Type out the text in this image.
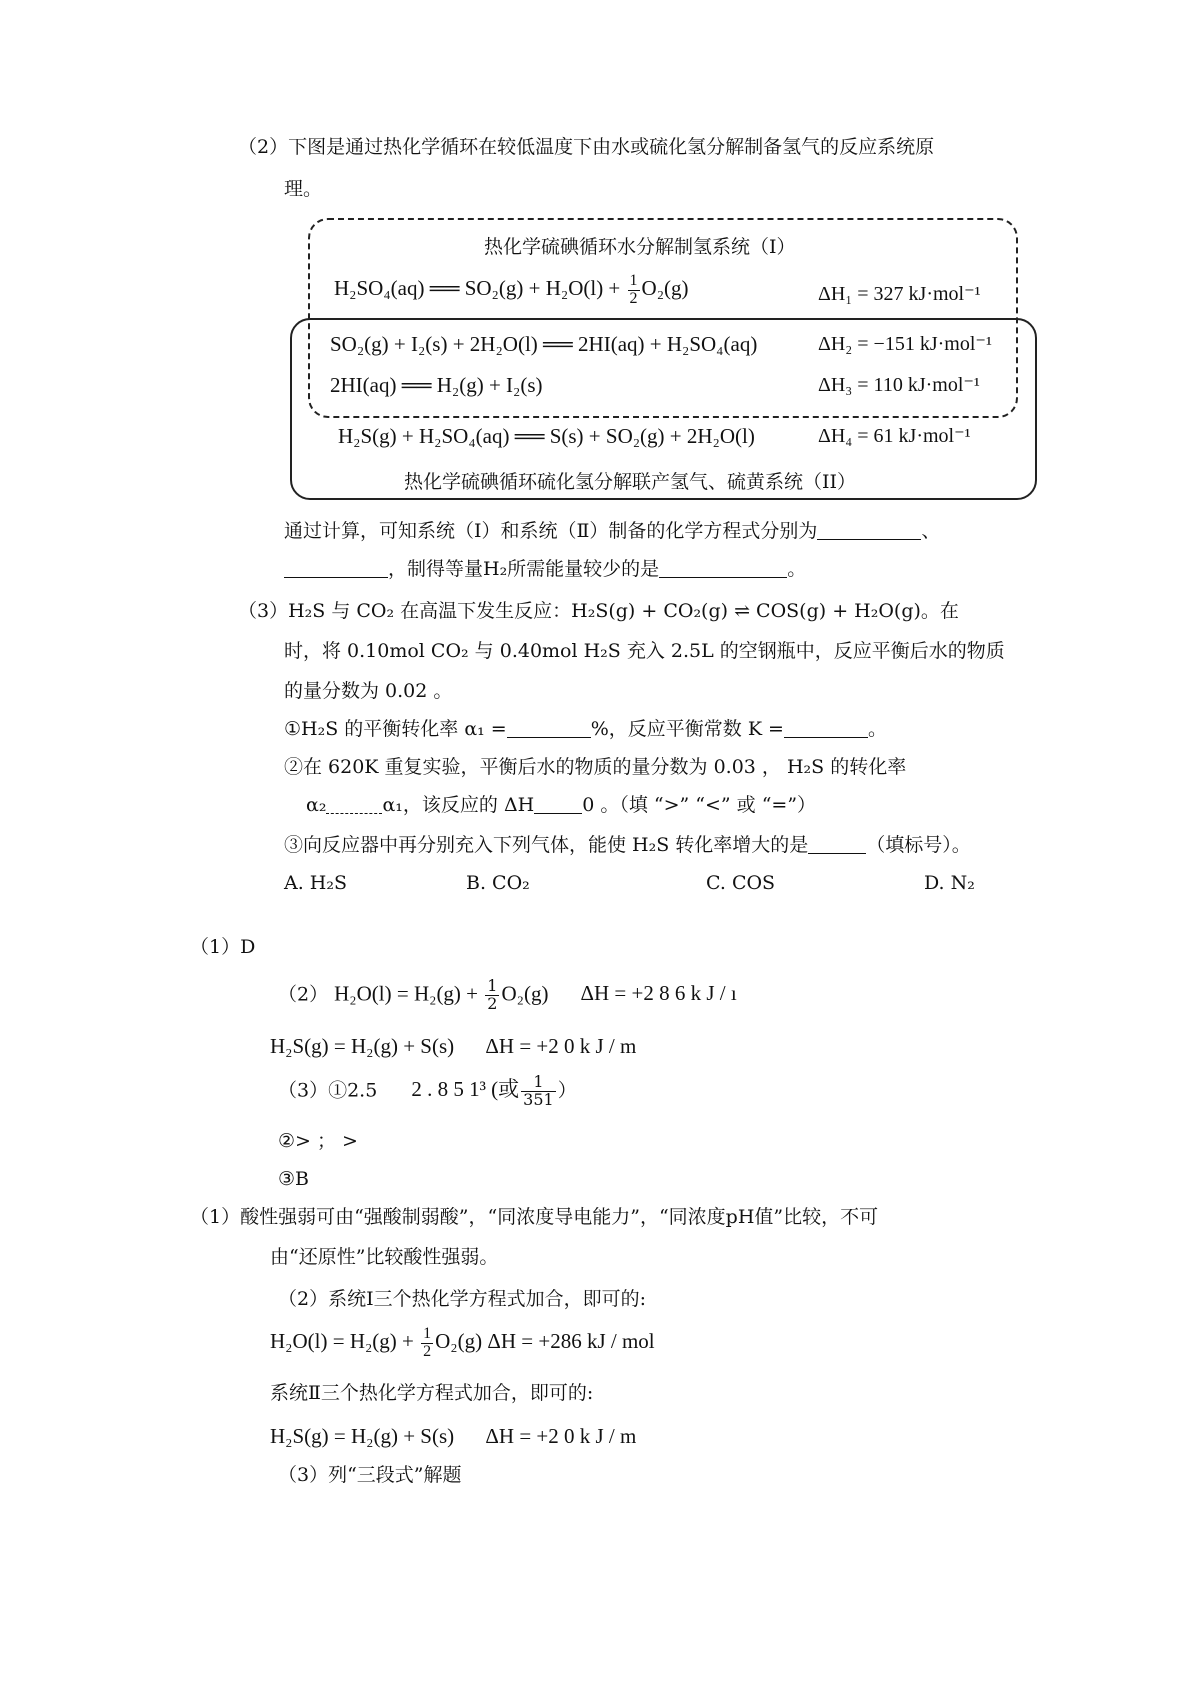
（2）下图是通过热化学循环在较低温度下由水或硫化氢分解制备氢气的反应系统原
理。
热化学硫碘循环水分解制氢系统（I）
H₂SO₄(aq) ══ $SO_2(g) + H_2O(l) + \frac{1}{2} O_2(g)$	ΔH₁ = 327 kJ·mol⁻¹
SO₂(g) + I₂(s) + 2H₂O(l) ══ 2HI(aq) + H₂SO₄(aq)	ΔH₂ = −151 kJ·mol⁻¹
2HI(aq) ══ H₂(g) + I₂(s)	ΔH₃ = 110 kJ·mol⁻¹
H₂S(g) + H₂SO₄(aq) ══ S(s) + SO₂(g) + 2H₂O(l)	ΔH₄ = 61 kJ·mol⁻¹
热化学硫碘循环硫化氢分解联产氢气、硫黄系统（II）
通过计算，可知系统（Ⅰ）和系统（Ⅱ）制备的化学方程式分别为	、
，制得等量H₂所需能量较少的是	。
（3）H₂S 与 CO₂ 在高温下发生反应：H₂S(g) + CO₂(g) ⇌ COS(g) + H₂O(g)。在
时，将 0.10mol CO₂ 与 0.40mol H₂S 充入 2.5L 的空钢瓶中，反应平衡后水的物质
的量分数为 0.02 。
①H₂S 的平衡转化率 α₁ =	%，反应平衡常数 K =	。
②在 620K 重复实验，平衡后水的物质的量分数为 0.03 ， H₂S 的转化率
α₂	α₁，该反应的 ΔH	0 。（填 “>” “<” 或 “=”）
③向反应器中再分别充入下列气体，能使 H₂S 转化率增大的是	（填标号）。
A. H₂S	B. CO₂	C. COS	D. N₂
（1）D
（2） $H_2O(l) = H_2(g) + \frac{1}{2} O_2(g) \Delta H = +2$ 8 6 k J / ı
H₂S(g) = H₂(g) + S(s) ΔH = +2 0 k J / m
（3）①2.5 2 . 8 5 1³ (或 $\frac{1}{351}$ ）
②> ； >
③B
（1）酸性强弱可由“强酸制弱酸”，“同浓度导电能力”，“同浓度pH值”比较，不可
由“还原性”比较酸性强弱。
（2）系统Ⅰ三个热化学方程式加合，即可的:
$H_2O(l) = H_2(g) + \frac{1}{2} O_2(g) \Delta H = +286$ kJ / mol
系统Ⅱ三个热化学方程式加合，即可的:
H₂S(g) = H₂(g) + S(s) ΔH = +2 0 k J / m
（3）列“三段式”解题
